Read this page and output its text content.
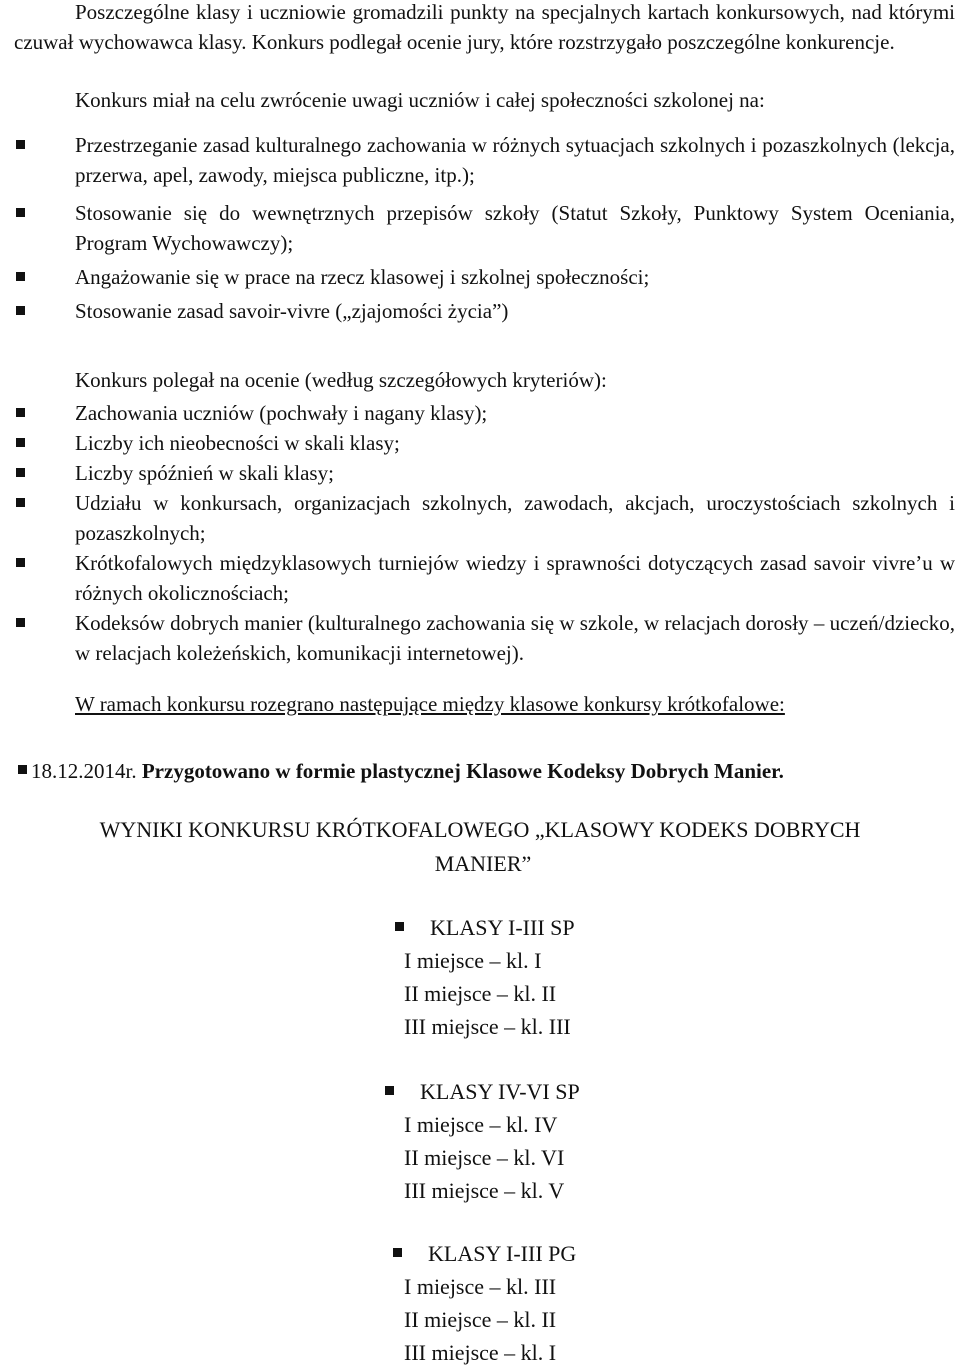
Poszczególne klasy i uczniowie gromadzili punkty na specjalnych kartach konkursowych, nad którymi czuwał wychowawca klasy. Konkurs podlegał ocenie jury, które rozstrzygało poszczególne konkurencje.

Konkurs miał na celu zwrócenie uwagi uczniów i całej społeczności szkolonej na:

Przestrzeganie zasad kulturalnego zachowania w różnych sytuacjach szkolnych i pozaszkolnych (lekcja, przerwa, apel, zawody, miejsca publiczne, itp.);
Stosowanie się do wewnętrznych przepisów szkoły (Statut Szkoły, Punktowy System Oceniania, Program Wychowawczy);
Angażowanie się w prace na rzecz klasowej i szkolnej społeczności;
Stosowanie zasad savoir-vivre („zjajomości życia”)

Konkurs polegał na ocenie (według szczegółowych kryteriów):

Zachowania uczniów (pochwały i nagany klasy);
Liczby ich nieobecności w skali klasy;
Liczby spóźnień w skali klasy;
Udziału w konkursach, organizacjach szkolnych, zawodach, akcjach, uroczystościach szkolnych i pozaszkolnych;
Krótkofalowych międzyklasowych turniejów wiedzy i sprawności dotyczących zasad savoir vivre’u w różnych okolicznościach;
Kodeksów dobrych manier (kulturalnego zachowania się w szkole, w relacjach dorosły – uczeń/dziecko, w relacjach koleżeńskich, komunikacji internetowej).

W ramach konkursu rozegrano następujące między klasowe konkursy krótkofalowe:

18.12.2014r. Przygotowano w formie plastycznej Klasowe Kodeksy Dobrych Manier.
WYNIKI KONKURSU KRÓTKOFALOWEGO „KLASOWY KODEKS DOBRYCH
MANIER”
KLASY I-III SP
I miejsce – kl. I
II miejsce – kl. II
III miejsce – kl. III
KLASY IV-VI SP
I miejsce – kl. IV
II miejsce – kl. VI
III miejsce – kl. V
KLASY I-III PG
I miejsce – kl. III
II miejsce – kl. II
III miejsce – kl. I
